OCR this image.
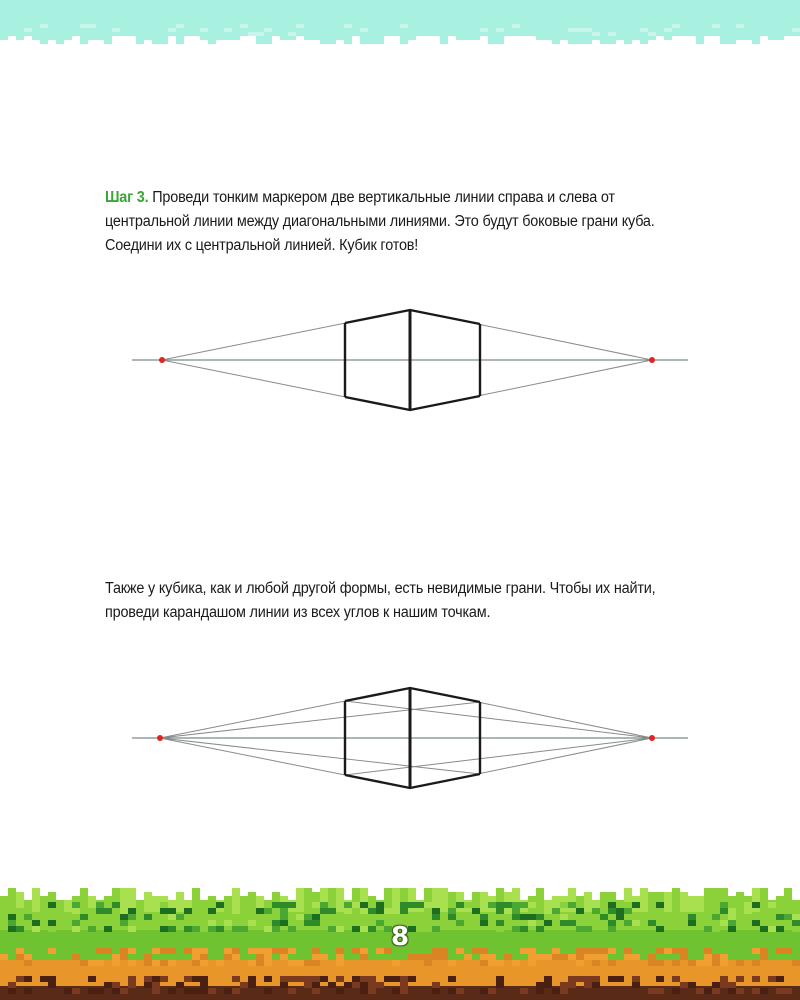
Шаг 3. Проведи тонким маркером две вертикальные линии справа и слева от центральной линии между диагональными линиями. Это будут боковые грани куба. Соедини их с центральной линией. Кубик готов!
Также у кубика, как и любой другой формы, есть невидимые грани. Чтобы их найти, проведи карандашом линии из всех углов к нашим точкам.
8
